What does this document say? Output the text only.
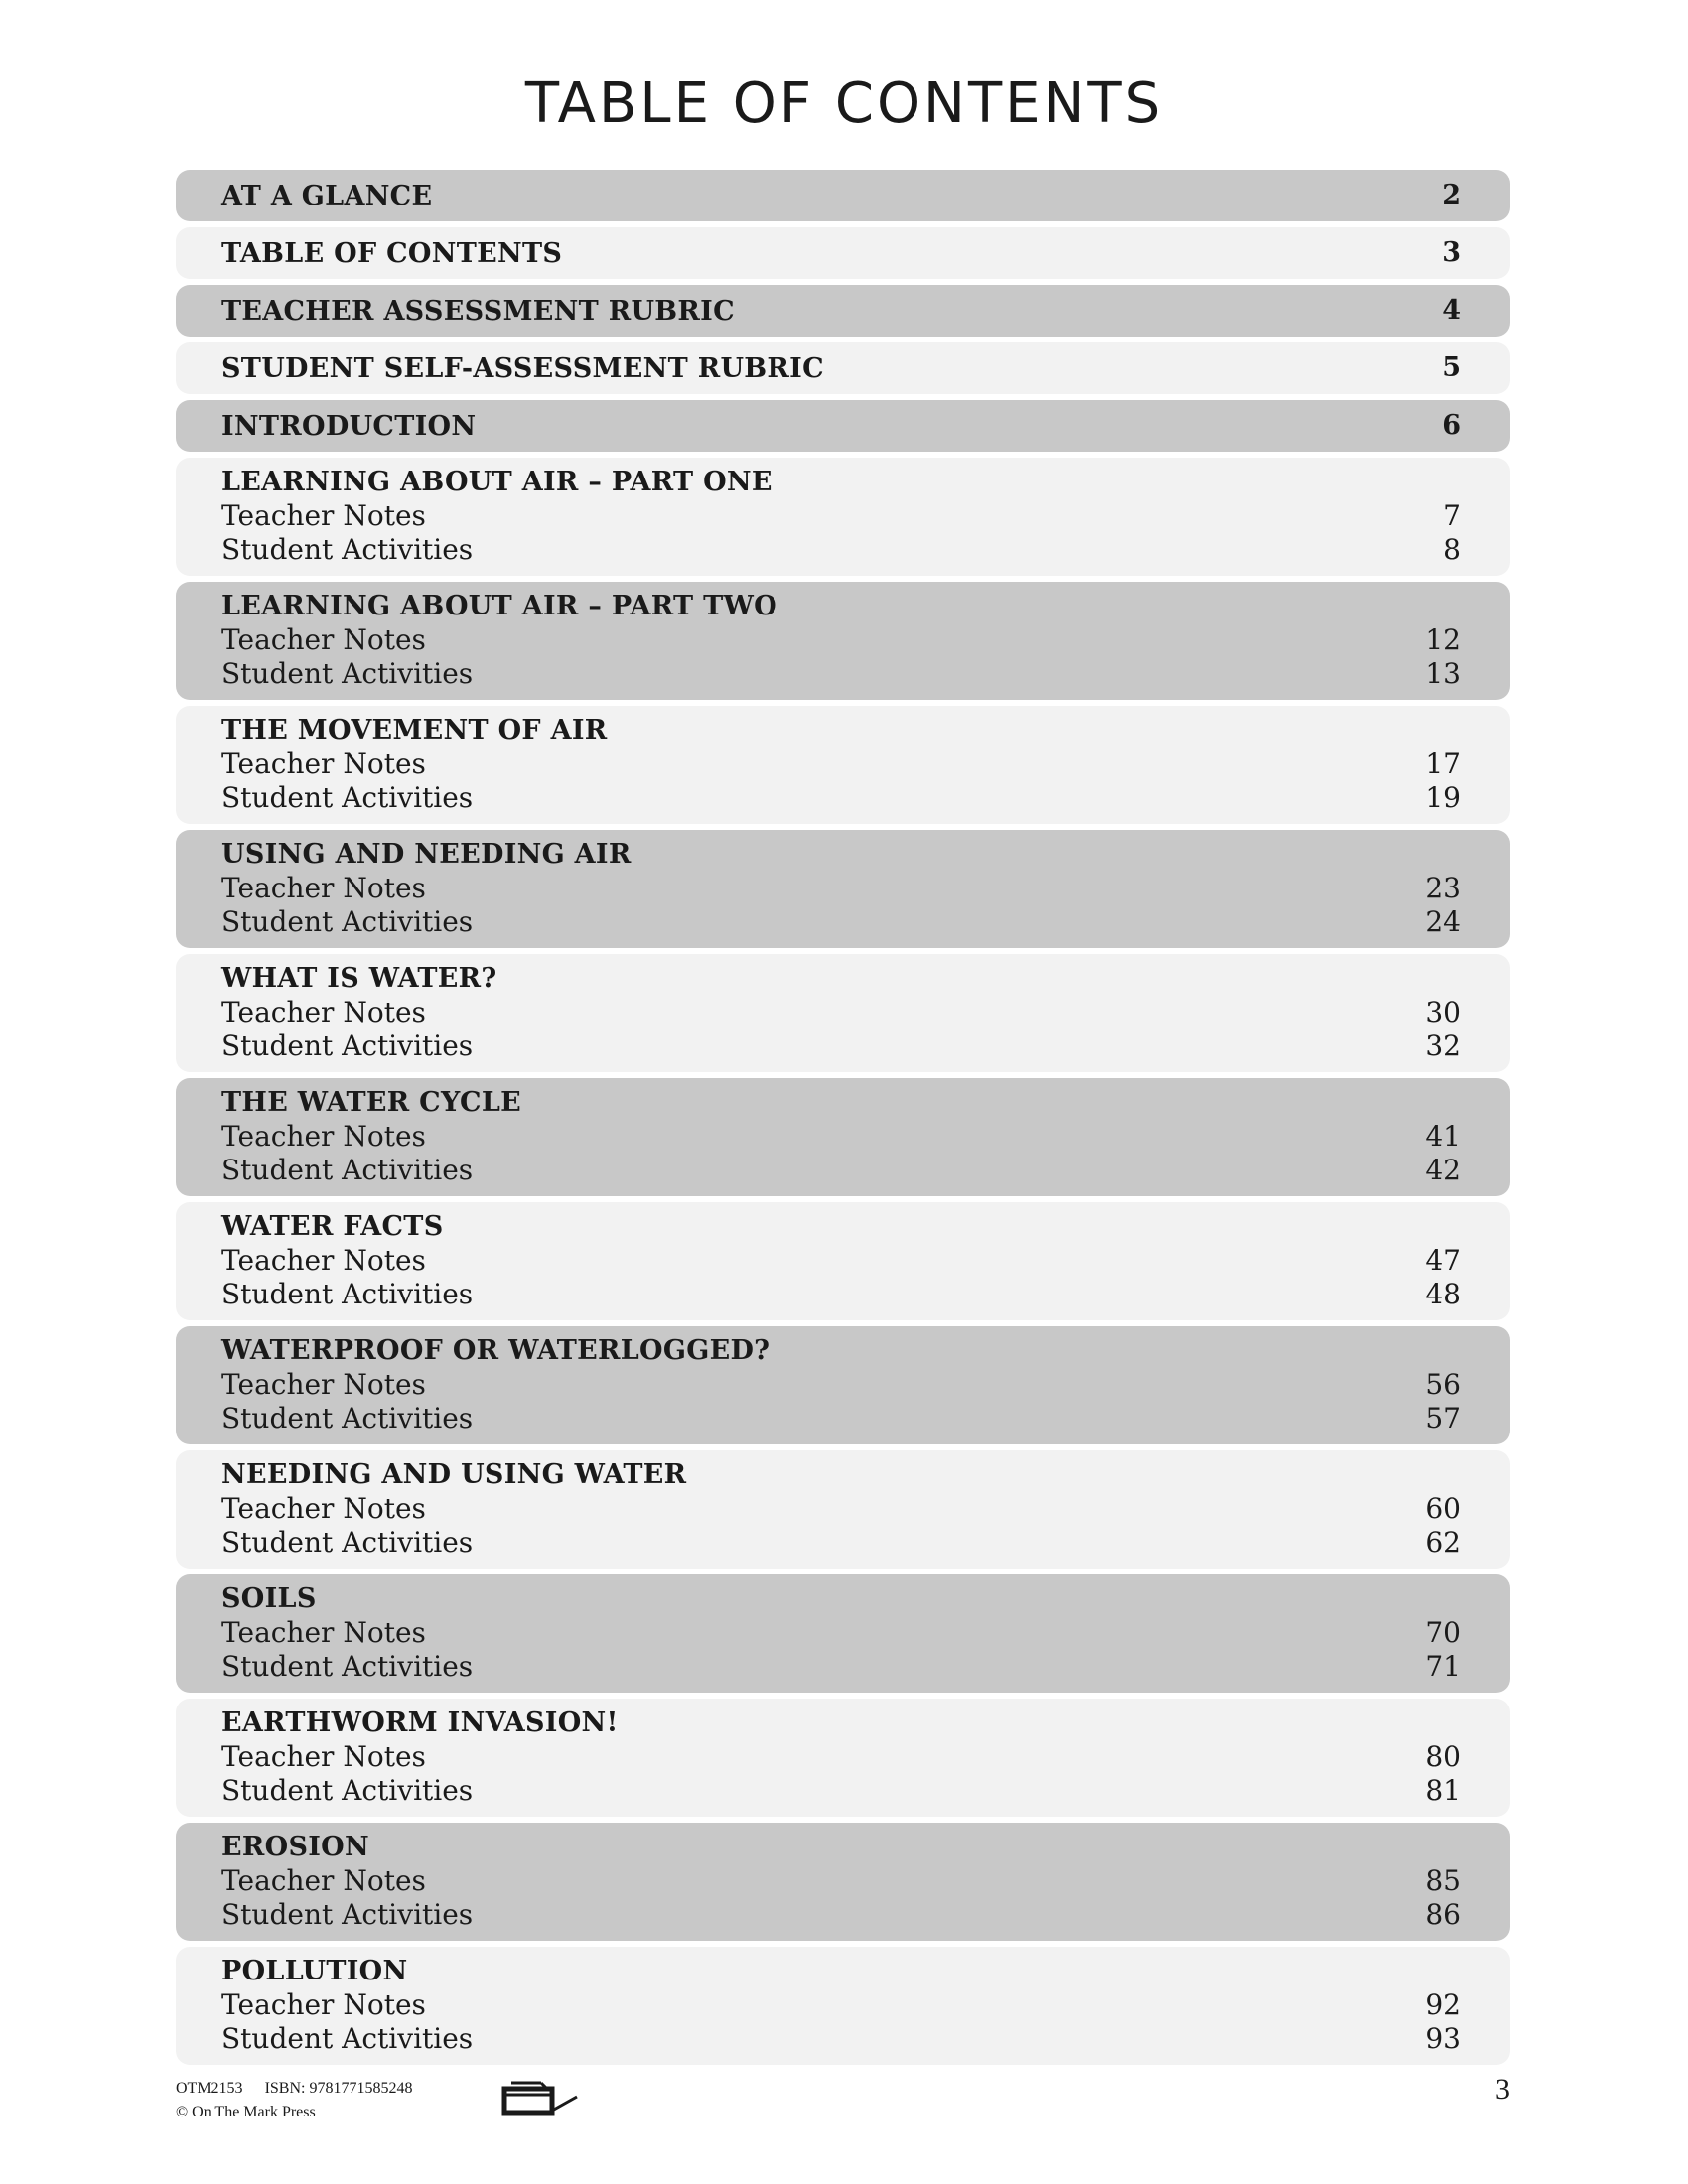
TABLE OF CONTENTS
AT A GLANCE	2
TABLE OF CONTENTS	3
TEACHER ASSESSMENT RUBRIC	4
STUDENT SELF-ASSESSMENT RUBRIC	5
INTRODUCTION	6
LEARNING ABOUT AIR – PART ONE
Teacher Notes	7
Student Activities	8
LEARNING ABOUT AIR – PART TWO
Teacher Notes	12
Student Activities	13
THE MOVEMENT OF AIR
Teacher Notes	17
Student Activities	19
USING AND NEEDING AIR
Teacher Notes	23
Student Activities	24
WHAT IS WATER?
Teacher Notes	30
Student Activities	32
THE WATER CYCLE
Teacher Notes	41
Student Activities	42
WATER FACTS
Teacher Notes	47
Student Activities	48
WATERPROOF OR WATERLOGGED?
Teacher Notes	56
Student Activities	57
NEEDING AND USING WATER
Teacher Notes	60
Student Activities	62
SOILS
Teacher Notes	70
Student Activities	71
EARTHWORM INVASION!
Teacher Notes	80
Student Activities	81
EROSION
Teacher Notes	85
Student Activities	86
POLLUTION
Teacher Notes	92
Student Activities	93
OTM2153 ISBN: 9781771585248
© On The Mark Press
3
